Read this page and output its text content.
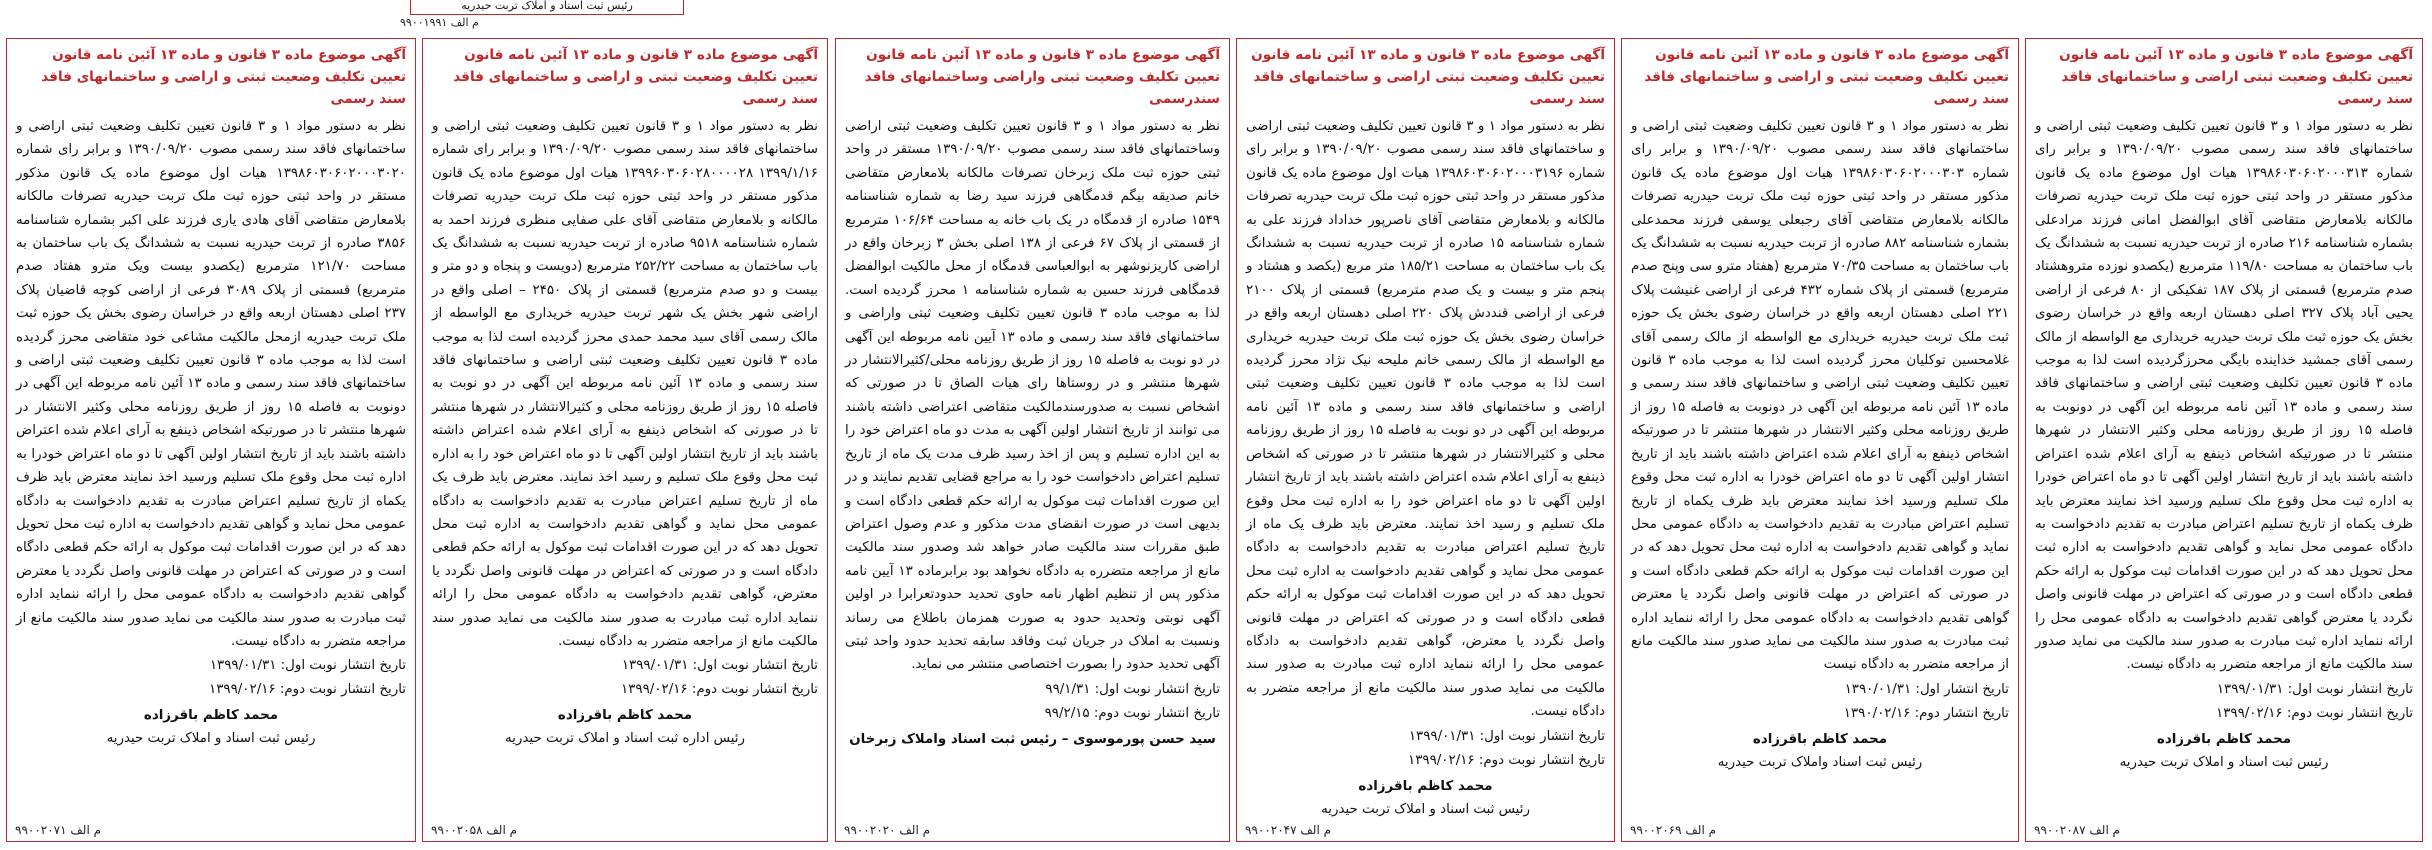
رئیس ثبت اسناد و املاک تربت حیدریه
م الف ۹۹۰۰۱۹۹۱
آگهی موضوع ماده ۳ قانون و ماده ۱۳ آئین نامه قانون تعیین تکلیف وضعیت ثبتی اراضی و ساختمانهای فاقد سند رسمی

نظر به دستور مواد ۱ و ۳ قانون تعیین تکلیف وضعیت ثبتی اراضی و ساختمانهای فاقد سند رسمی مصوب ۱۳۹۰/۰۹/۲۰ و برابر رای شماره ۱۳۹۸۶۰۳۰۶۰۲۰۰۰۳۱۳ هیات اول موضوع ماده یک قانون مذکور مستقر در واحد ثبتی حوزه ثبت ملک تربت حیدریه تصرفات مالکانه بلامعارض متقاضی آقای ابوالفضل امانی فرزند مرادعلی بشماره شناسنامه ۲۱۶ صادره از تربت حیدریه نسبت به ششدانگ یک باب ساختمان به مساحت ۱۱۹/۸۰ مترمربع (یکصدو نوزده متروهشتاد صدم مترمربع) قسمتی از پلاک ۱۸۷ تفکیکی از ۸۰ فرعی از اراضی یحیی آباد پلاک ۳۲۷ اصلی دهستان اربعه واقع در خراسان رضوی بخش یک حوزه ثبت ملک تربت حیدریه خریداری مع الواسطه از مالک رسمی آقای جمشید خداینده بایگی محرزگردیده است لذا به موجب ماده ۳ قانون تعیین تکلیف وضعیت ثبتی اراضی و ساختمانهای فاقد سند رسمی و ماده ۱۳ آئین نامه مربوطه این آگهی در دونوبت به فاصله ۱۵ روز از طریق روزنامه محلی وکثیر الانتشار در شهرها منتشر تا در صورتیکه اشخاص ذینفع به آرای اعلام شده اعتراض داشته باشند باید از تاریخ انتشار اولین آگهی تا دو ماه اعتراض خودرا به اداره ثبت محل وقوع ملک تسلیم ورسید اخذ نمایند معترض باید ظرف یکماه از تاریخ تسلیم اعتراض مبادرت به تقدیم دادخواست به دادگاه عمومی محل نماید و گواهی تقدیم دادخواست به اداره ثبت محل تحویل دهد که در این صورت اقدامات ثبت موکول به ارائه حکم قطعی دادگاه است و در صورتی که اعتراض در مهلت قانونی واصل نگردد یا معترض گواهی تقدیم دادخواست به دادگاه عمومی محل را ارائه ننماید اداره ثبت مبادرت به صدور سند مالکیت می نماید صدور سند مالکیت مانع از مراجعه متضرر به دادگاه نیست.

تاریخ انتشار نوبت اول: ۱۳۹۹/۰۱/۳۱
تاریخ انتشار نوبت دوم: ۱۳۹۹/۰۲/۱۶
محمد کاظم باقرزاده
رئیس ثبت اسناد و املاک تربت حیدریه
م الف ۹۹۰۰۲۰۸۷
آگهی موضوع ماده ۳ قانون و ماده ۱۳ آئین نامه قانون تعیین تکلیف وضعیت ثبتی و اراضی و ساختمانهای فاقد سند رسمی

نظر به دستور مواد ۱ و ۳ قانون تعیین تکلیف وضعیت ثبتی اراضی و ساختمانهای فاقد سند رسمی مصوب ۱۳۹۰/۰۹/۲۰ و برابر رای شماره ۱۳۹۸۶۰۳۰۶۰۲۰۰۰۳۰۳ هیات اول موضوع ماده یک قانون مذکور مستقر در واحد ثبتی حوزه ثبت ملک تربت حیدریه تصرفات مالکانه بلامعارض متقاضی آقای رجبعلی یوسفی فرزند محمدعلی بشماره شناسنامه ۸۸۲ صادره از تربت حیدریه نسبت به ششدانگ یک باب ساختمان به مساحت ۷۰/۳۵ مترمربع (هفتاد مترو سی وپنج صدم مترمربع) قسمتی از پلاک شماره ۴۳۲ فرعی از اراضی غنیشت پلاک ۲۲۱ اصلی دهستان اربعه واقع در خراسان رضوی بخش یک حوزه ثبت ملک تربت حیدریه خریداری مع الواسطه از مالک رسمی آقای غلامحسین توکلیان محرز گردیده است لذا به موجب ماده ۳ قانون تعیین تکلیف وضعیت ثبتی اراضی و ساختمانهای فاقد سند رسمی و ماده ۱۳ آئین نامه مربوطه این آگهی در دونوبت به فاصله ۱۵ روز از طریق روزنامه محلی وکثیر الانتشار در شهرها منتشر تا در صورتیکه اشخاص ذینفع به آرای اعلام شده اعتراض داشته باشند باید از تاریخ انتشار اولین آگهی تا دو ماه اعتراض خودرا به اداره ثبت محل وقوع ملک تسلیم ورسید اخذ نمایند معترض باید ظرف یکماه از تاریخ تسلیم اعتراض مبادرت به تقدیم دادخواست به دادگاه عمومی محل نماید و گواهی تقدیم دادخواست به اداره ثبت محل تحویل دهد که در این صورت اقدامات ثبت موکول به ارائه حکم قطعی دادگاه است و در صورتی که اعتراض در مهلت قانونی واصل نگردد یا معترض گواهی تقدیم دادخواست به دادگاه عمومی محل را ارائه ننماید اداره ثبت مبادرت به صدور سند مالکیت می نماید صدور سند مالکیت مانع از مراجعه متضرر به دادگاه نیست

تاریخ انتشار اول: ۱۳۹۰/۰۱/۳۱
تاریخ انتشار دوم: ۱۳۹۰/۰۲/۱۶
محمد کاظم باقرزاده
رئیس ثبت اسناد واملاک تربت حیدریه
م الف ۹۹۰۰۲۰۶۹
آگهی موضوع ماده ۳ قانون و ماده ۱۳ آئین نامه قانون تعیین تکلیف وضعیت ثبتی اراضی و ساختمانهای فاقد سند رسمی

نظر به دستور مواد ۱ و ۳ قانون تعیین تکلیف وضعیت ثبتی اراضی و ساختمانهای فاقد سند رسمی مصوب ۱۳۹۰/۰۹/۲۰ و برابر رای شماره ۱۳۹۸۶۰۳۰۶۰۲۰۰۰۳۱۹۶ هیات اول موضوع ماده یک قانون مذکور مستقر در واحد ثبتی حوزه ثبت ملک تربت حیدریه تصرفات مالکانه و بلامعارض متقاضی آقای ناصرپور خداداد فرزند علی به شماره شناسنامه ۱۵ صادره از تربت حیدریه نسبت به ششدانگ یک باب ساختمان به مساحت ۱۸۵/۲۱ متر مربع (یکصد و هشتاد و پنجم متر و بیست و یک صدم مترمربع) قسمتی از پلاک ۲۱۰۰ فرعی از اراضی قنددش پلاک ۲۲۰ اصلی دهستان اربعه واقع در خراسان رضوی بخش یک حوزه ثبت ملک تربت حیدریه خریداری مع الواسطه از مالک رسمی خانم ملیحه نیک نژاد محرز گردیده است لذا به موجب ماده ۳ قانون تعیین تکلیف وضعیت ثبتی اراضی و ساختمانهای فاقد سند رسمی و ماده ۱۳ آئین نامه مربوطه این آگهی در دو نوبت به فاصله ۱۵ روز از طریق روزنامه محلی و کثیرالانتشار در شهرها منتشر تا در صورتی که اشخاص ذینفع به آرای اعلام شده اعتراض داشته باشند باید از تاریخ انتشار اولین آگهی تا دو ماه اعتراض خود را به اداره ثبت محل وقوع ملک تسلیم و رسید اخذ نمایند. معترض باید ظرف یک ماه از تاریخ تسلیم اعتراض مبادرت به تقدیم دادخواست به دادگاه عمومی محل نماید و گواهی تقدیم دادخواست به اداره ثبت محل تحویل دهد که در این صورت اقدامات ثبت موکول به ارائه حکم قطعی دادگاه است و در صورتی که اعتراض در مهلت قانونی واصل نگردد یا معترض، گواهی تقدیم دادخواست به دادگاه عمومی محل را ارائه ننماید اداره ثبت مبادرت به صدور سند مالکیت می نماید صدور سند مالکیت مانع از مراجعه متضرر به دادگاه نیست.

تاریخ انتشار نوبت اول: ۱۳۹۹/۰۱/۳۱
تاریخ انتشار نوبت دوم: ۱۳۹۹/۰۲/۱۶
محمد کاظم باقرزاده
رئیس ثبت اسناد و املاک تربت حیدریه
م الف ۹۹۰۰۲۰۴۷
آگهی موضوع ماده ۳ قانون و ماده ۱۳ آئین نامه قانون تعیین تکلیف وضعیت ثبتی واراضی وساختمانهای فاقد سندرسمی

نظر به دستور مواد ۱ و ۳ قانون تعیین تکلیف وضعیت ثبتی اراضی وساختمانهای فاقد سند رسمی مصوب ۱۳۹۰/۰۹/۲۰ مستقر در واحد ثبتی حوزه ثبت ملک زبرخان تصرفات مالکانه بلامعارض متقاضی خانم صدیقه بیگم قدمگاهی فرزند سید رضا به شماره شناسنامه ۱۵۴۹ صادره از قدمگاه در یک باب خانه به مساحت ۱۰۶/۶۴ مترمربع از قسمتی از پلاک ۶۷ فرعی از ۱۳۸ اصلی بخش ۳ زبرخان واقع در اراضی کاریزنوشهر به ابوالعباسی قدمگاه از محل مالکیت ابوالفضل قدمگاهی فرزند حسین به شماره شناسنامه ۱ محرز گردیده است. لذا به موجب ماده ۳ قانون تعیین تکلیف وضعیت ثبتی واراضی و ساختمانهای فاقد سند رسمی و ماده ۱۳ آیین نامه مربوطه این آگهی در دو نوبت به فاصله ۱۵ روز از طریق روزنامه محلی/کثیرالانتشار در شهرها منتشر و در روستاها رای هیات الصاق تا در صورتی که اشخاص نسبت به صدورسندمالکیت متقاضی اعتراضی داشته باشند می توانند از تاریخ انتشار اولین آگهی به مدت دو ماه اعتراض خود را به این اداره تسلیم و پس از اخذ رسید ظرف مدت یک ماه از تاریخ تسلیم اعتراض دادخواست خود را به مراجع قضایی تقدیم نمایند و در این صورت اقدامات ثبت موکول به ارائه حکم قطعی دادگاه است و بدیهی است در صورت انقضای مدت مذکور و عدم وصول اعتراض طبق مقررات سند مالکیت صادر خواهد شد وصدور سند مالکیت مانع از مراجعه متضرره به دادگاه نخواهد بود برابرماده ۱۳ آیین نامه مذکور پس از تنظیم اظهار نامه حاوی تحدید حدودتعرابرا در اولین آگهی نوبتی وتحدید حدود به صورت همزمان باطلاع می رساند ونسبت به املاک در جریان ثبت وفاقد سابقه تحدید حدود واحد ثبتی آگهی تحدید حدود را بصورت اختصاصی منتشر می نماید.

تاریخ انتشار نوبت اول: ۹۹/۱/۳۱
تاریخ انتشار نوبت دوم: ۹۹/۲/۱۵
سید حسن پورموسوی – رئیس ثبت اسناد واملاک زبرخان
م الف ۹۹۰۰۲۰۲۰
آگهی موضوع ماده ۳ قانون و ماده ۱۳ آئین نامه قانون تعیین تکلیف وضعیت ثبتی و اراضی و ساختمانهای فاقد سند رسمی

نظر به دستور مواد ۱ و ۳ قانون تعیین تکلیف وضعیت ثبتی اراضی و ساختمانهای فاقد سند رسمی مصوب ۱۳۹۰/۰۹/۲۰ و برابر رای شماره ۱۳۹۹/۱/۱۶ ۱۳۹۹۶۰۳۰۶۰۲۸۰۰۰۰۲۸ هیات اول موضوع ماده یک قانون مذکور مستقر در واحد ثبتی حوزه ثبت ملک تربت حیدریه تصرفات مالکانه و بلامعارض متقاضی آقای علی صفایی منظری فرزند احمد به شماره شناسنامه ۹۵۱۸ صادره از تربت حیدریه نسبت به ششدانگ یک باب ساختمان به مساحت ۲۵۲/۲۲ مترمربع (دویست و پنجاه و دو متر و بیست و دو صدم مترمربع) قسمتی از پلاک ۲۴۵۰ – اصلی واقع در اراضی شهر بخش یک شهر تربت حیدریه خریداری مع الواسطه از مالک رسمی آقای سید محمد حمدی محرز گردیده است لذا به موجب ماده ۳ قانون تعیین تکلیف وضعیت ثبتی اراضی و ساختمانهای فاقد سند رسمی و ماده ۱۳ آئین نامه مربوطه این آگهی در دو نوبت به فاصله ۱۵ روز از طریق روزنامه محلی و کثیرالانتشار در شهرها منتشر تا در صورتی که اشخاص ذینفع به آرای اعلام شده اعتراض داشته باشند باید از تاریخ انتشار اولین آگهی تا دو ماه اعتراض خود را به اداره ثبت محل وقوع ملک تسلیم و رسید اخذ نمایند. معترض باید ظرف یک ماه از تاریخ تسلیم اعتراض مبادرت به تقدیم دادخواست به دادگاه عمومی محل نماید و گواهی تقدیم دادخواست به اداره ثبت محل تحویل دهد که در این صورت اقدامات ثبت موکول به ارائه حکم قطعی دادگاه است و در صورتی که اعتراض در مهلت قانونی واصل نگردد یا معترض، گواهی تقدیم دادخواست به دادگاه عمومی محل را ارائه ننماید اداره ثبت مبادرت به صدور سند مالکیت می نماید صدور سند مالکیت مانع از مراجعه متضرر به دادگاه نیست.

تاریخ انتشار نوبت اول: ۱۳۹۹/۰۱/۳۱
تاریخ انتشار نوبت دوم: ۱۳۹۹/۰۲/۱۶
محمد کاظم باقرزاده
رئیس اداره ثبت اسناد و املاک تربت حیدریه
م الف ۹۹۰۰۲۰۵۸
آگهی موضوع ماده ۳ قانون و ماده ۱۳ آئین نامه قانون تعیین تکلیف وضعیت ثبتی و اراضی و ساختمانهای فاقد سند رسمی

نظر به دستور مواد ۱ و ۳ قانون تعیین تکلیف وضعیت ثبتی اراضی و ساختمانهای فاقد سند رسمی مصوب ۱۳۹۰/۰۹/۲۰ و برابر رای شماره ۱۳۹۸۶۰۳۰۶۰۲۰۰۰۳۰۲۰ هیات اول موضوع ماده یک قانون مذکور مستقر در واحد ثبتی حوزه ثبت ملک تربت حیدریه تصرفات مالکانه بلامعارض متقاضی آقای هادی یاری فرزند علی اکبر بشماره شناسنامه ۳۸۵۶ صادره از تربت حیدریه نسبت به ششدانگ یک باب ساختمان به مساحت ۱۲۱/۷۰ مترمربع (یکصدو بیست ویک مترو هفتاد صدم مترمربع) قسمتی از پلاک ۳۰۸۹ فرعی از اراضی کوچه قاضیان پلاک ۲۳۷ اصلی دهستان اربعه واقع در خراسان رضوی بخش یک حوزه ثبت ملک تربت حیدریه ازمحل مالکیت مشاعی خود متقاضی محرز گردیده است لذا به موجب ماده ۳ قانون تعیین تکلیف وضعیت ثبتی اراضی و ساختمانهای فاقد سند رسمی و ماده ۱۳ آئین نامه مربوطه این آگهی در دونوبت به فاصله ۱۵ روز از طریق روزنامه محلی وکثیر الانتشار در شهرها منتشر تا در صورتیکه اشخاص ذینفع به آرای اعلام شده اعتراض داشته باشند باید از تاریخ انتشار اولین آگهی تا دو ماه اعتراض خودرا به اداره ثبت محل وقوع ملک تسلیم ورسید اخذ نمایند معترض باید ظرف یکماه از تاریخ تسلیم اعتراض مبادرت به تقدیم دادخواست به دادگاه عمومی محل نماید و گواهی تقدیم دادخواست به اداره ثبت محل تحویل دهد که در این صورت اقدامات ثبت موکول به ارائه حکم قطعی دادگاه است و در صورتی که اعتراض در مهلت قانونی واصل نگردد یا معترض گواهی تقدیم دادخواست به دادگاه عمومی محل را ارائه ننماید اداره ثبت مبادرت به صدور سند مالکیت می نماید صدور سند مالکیت مانع از مراجعه متضرر به دادگاه نیست.

تاریخ انتشار نوبت اول: ۱۳۹۹/۰۱/۳۱
تاریخ انتشار نوبت دوم: ۱۳۹۹/۰۲/۱۶
محمد کاظم باقرزاده
رئیس ثبت اسناد و املاک تربت حیدریه
م الف ۹۹۰۰۲۰۷۱
